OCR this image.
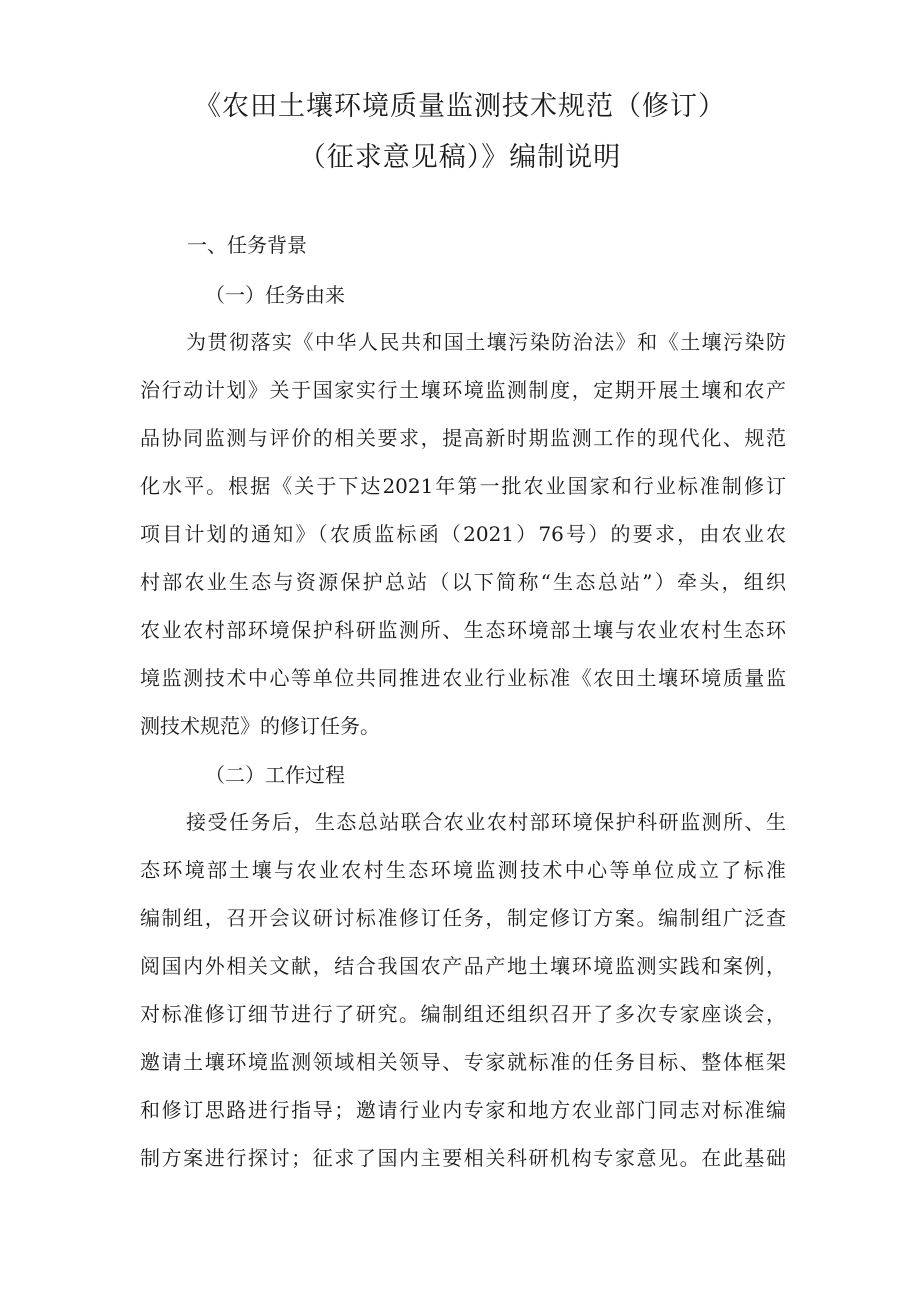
《农田土壤环境质量监测技术规范（修订）
（征求意见稿）》编制说明
一、任务背景
（一）任务由来
为贯彻落实《中华人民共和国土壤污染防治法》和《土壤污染防
治行动计划》关于国家实行土壤环境监测制度，定期开展土壤和农产
品协同监测与评价的相关要求，提高新时期监测工作的现代化、规范
化水平。根据《关于下达2021年第一批农业国家和行业标准制修订
项目计划的通知》（农质监标函（2021）76号）的要求，由农业农
村部农业生态与资源保护总站（以下简称“生态总站”）牵头，组织
农业农村部环境保护科研监测所、生态环境部土壤与农业农村生态环
境监测技术中心等单位共同推进农业行业标准《农田土壤环境质量监
测技术规范》的修订任务。
（二）工作过程
接受任务后，生态总站联合农业农村部环境保护科研监测所、生
态环境部土壤与农业农村生态环境监测技术中心等单位成立了标准
编制组，召开会议研讨标准修订任务，制定修订方案。编制组广泛查
阅国内外相关文献，结合我国农产品产地土壤环境监测实践和案例，
对标准修订细节进行了研究。编制组还组织召开了多次专家座谈会，
邀请土壤环境监测领域相关领导、专家就标准的任务目标、整体框架
和修订思路进行指导；邀请行业内专家和地方农业部门同志对标准编
制方案进行探讨；征求了国内主要相关科研机构专家意见。在此基础
